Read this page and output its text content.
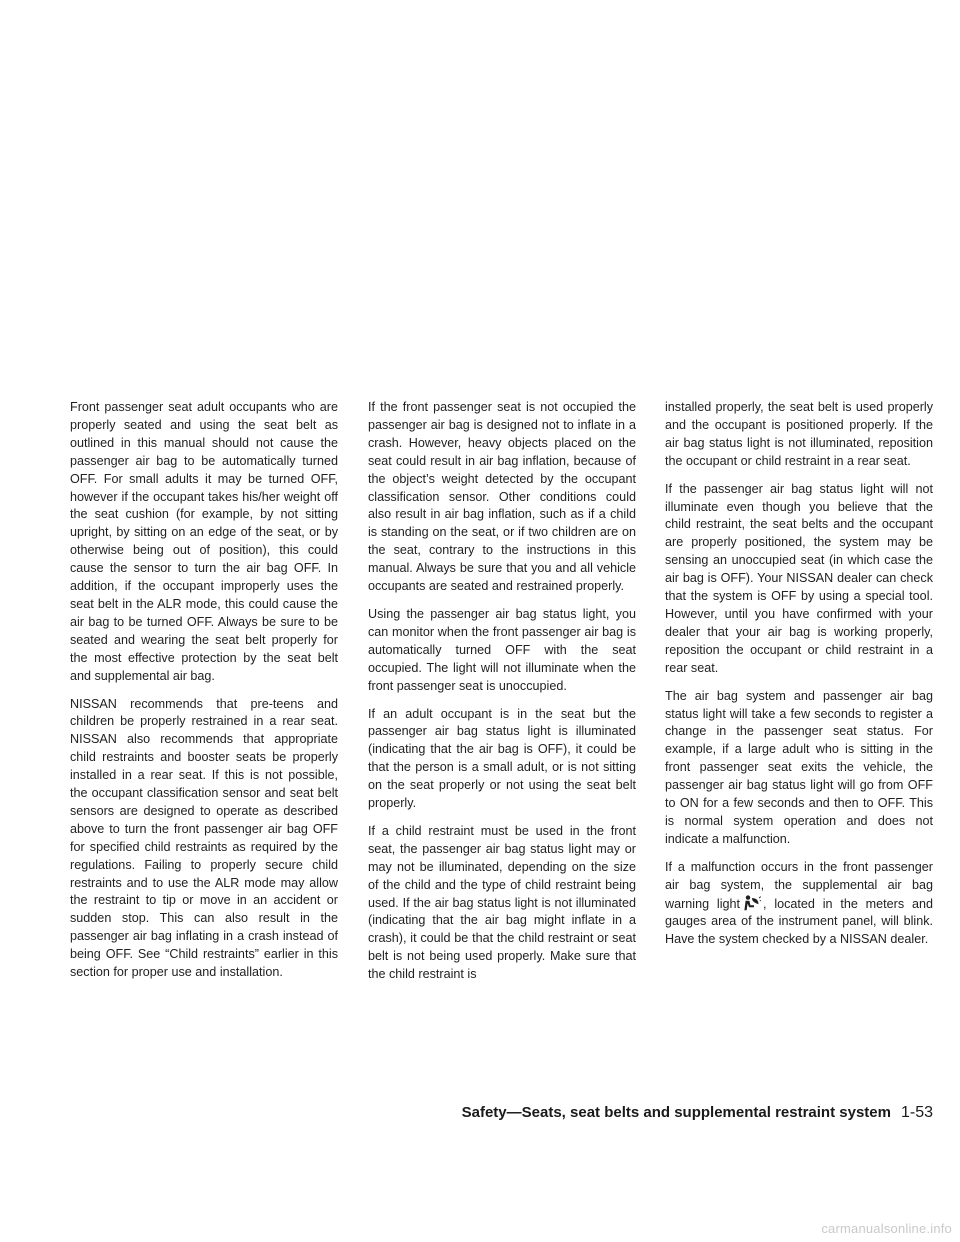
Front passenger seat adult occupants who are properly seated and using the seat belt as outlined in this manual should not cause the passenger air bag to be automatically turned OFF. For small adults it may be turned OFF, however if the occupant takes his/her weight off the seat cushion (for example, by not sitting upright, by sitting on an edge of the seat, or by otherwise being out of position), this could cause the sensor to turn the air bag OFF. In addition, if the occupant improperly uses the seat belt in the ALR mode, this could cause the air bag to be turned OFF. Always be sure to be seated and wearing the seat belt properly for the most effective protection by the seat belt and supplemental air bag.

NISSAN recommends that pre-teens and children be properly restrained in a rear seat. NISSAN also recommends that appropriate child restraints and booster seats be properly installed in a rear seat. If this is not possible, the occupant classification sensor and seat belt sensors are designed to operate as described above to turn the front passenger air bag OFF for specified child restraints as required by the regulations. Failing to properly secure child restraints and to use the ALR mode may allow the restraint to tip or move in an accident or sudden stop. This can also result in the passenger air bag inflating in a crash instead of being OFF. See “Child restraints” earlier in this section for proper use and installation.

If the front passenger seat is not occupied the passenger air bag is designed not to inflate in a crash. However, heavy objects placed on the seat could result in air bag inflation, because of the object’s weight detected by the occupant classification sensor. Other conditions could also result in air bag inflation, such as if a child is standing on the seat, or if two children are on the seat, contrary to the instructions in this manual. Always be sure that you and all vehicle occupants are seated and restrained properly.

Using the passenger air bag status light, you can monitor when the front passenger air bag is automatically turned OFF with the seat occupied. The light will not illuminate when the front passenger seat is unoccupied.

If an adult occupant is in the seat but the passenger air bag status light is illuminated (indicating that the air bag is OFF), it could be that the person is a small adult, or is not sitting on the seat properly or not using the seat belt properly.

If a child restraint must be used in the front seat, the passenger air bag status light may or may not be illuminated, depending on the size of the child and the type of child restraint being used. If the air bag status light is not illuminated (indicating that the air bag might inflate in a crash), it could be that the child restraint or seat belt is not being used properly. Make sure that the child restraint is

installed properly, the seat belt is used properly and the occupant is positioned properly. If the air bag status light is not illuminated, reposition the occupant or child restraint in a rear seat.

If the passenger air bag status light will not illuminate even though you believe that the child restraint, the seat belts and the occupant are properly positioned, the system may be sensing an unoccupied seat (in which case the air bag is OFF). Your NISSAN dealer can check that the system is OFF by using a special tool. However, until you have confirmed with your dealer that your air bag is working properly, reposition the occupant or child restraint in a rear seat.

The air bag system and passenger air bag status light will take a few seconds to register a change in the passenger seat status. For example, if a large adult who is sitting in the front passenger seat exits the vehicle, the passenger air bag status light will go from OFF to ON for a few seconds and then to OFF. This is normal system operation and does not indicate a malfunction.

If a malfunction occurs in the front passenger air bag system, the supplemental air bag warning light , located in the meters and gauges area of the instrument panel, will blink. Have the system checked by a NISSAN dealer.

Safety—Seats, seat belts and supplemental restraint system 1-53
carmanualsonline.info
